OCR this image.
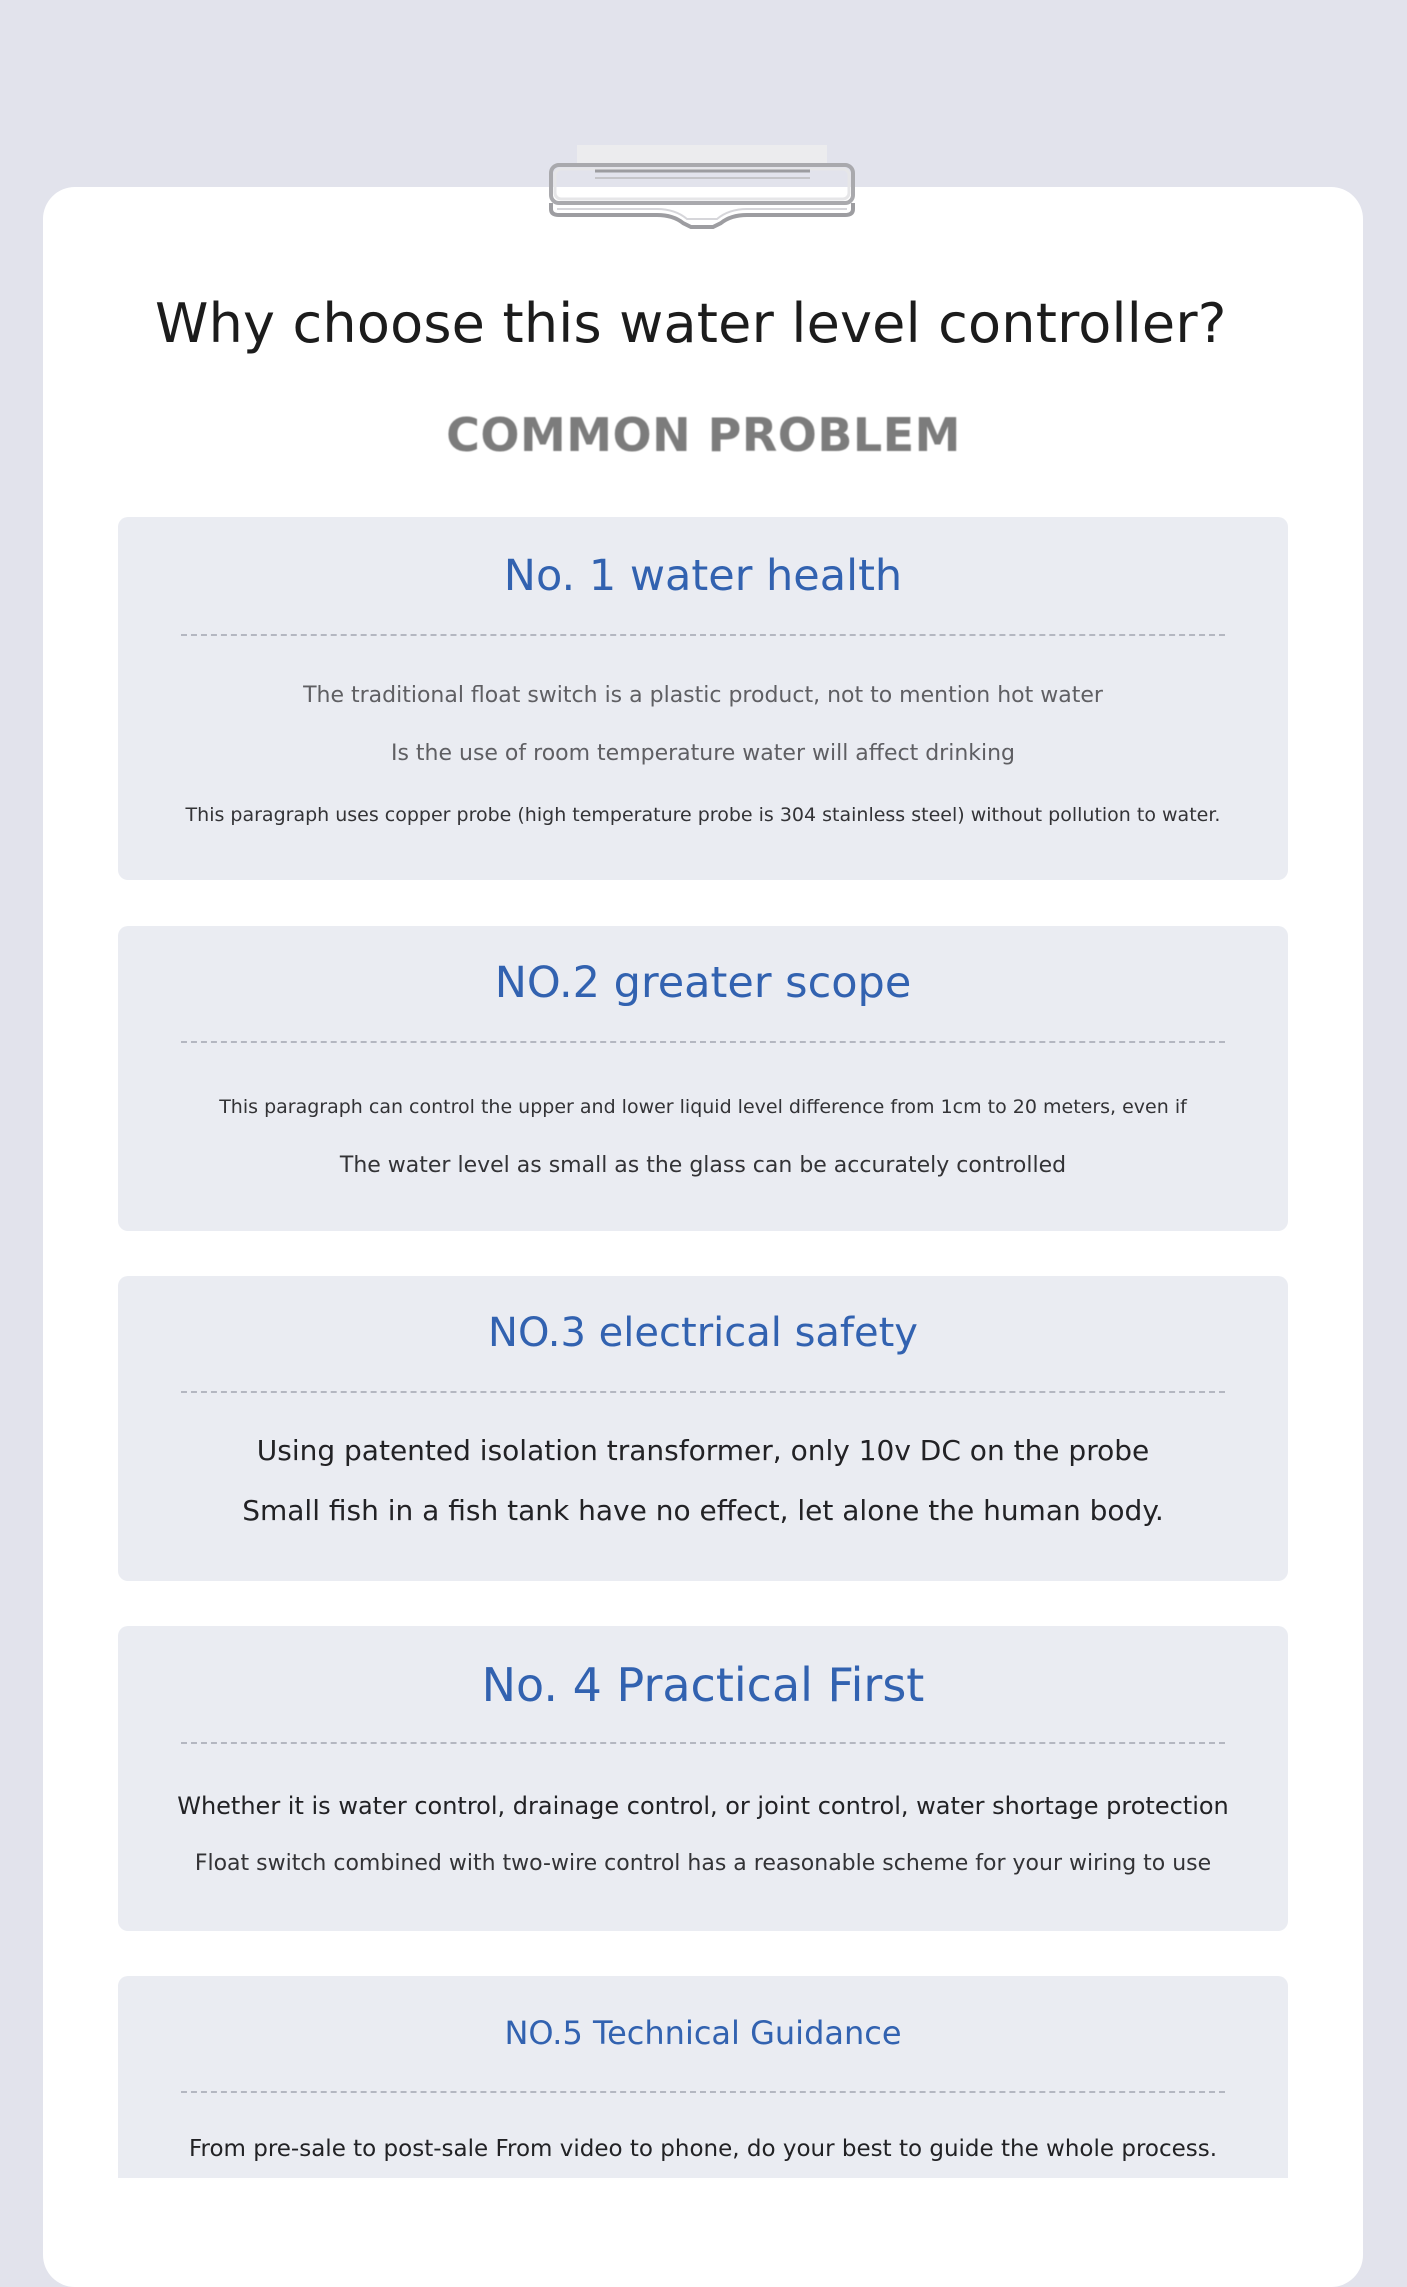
Why choose this water level controller?
COMMON PROBLEM
No. 1 water health
The traditional float switch is a plastic product, not to mention hot water
Is the use of room temperature water will affect drinking
This paragraph uses copper probe (high temperature probe is 304 stainless steel) without pollution to water.
NO.2 greater scope
This paragraph can control the upper and lower liquid level difference from 1cm to 20 meters, even if
The water level as small as the glass can be accurately controlled
NO.3 electrical safety
Using patented isolation transformer, only 10v DC on the probe
Small fish in a fish tank have no effect, let alone the human body.
No. 4 Practical First
Whether it is water control, drainage control, or joint control, water shortage protection
Float switch combined with two-wire control has a reasonable scheme for your wiring to use
NO.5 Technical Guidance
From pre-sale to post-sale From video to phone, do your best to guide the whole process.
